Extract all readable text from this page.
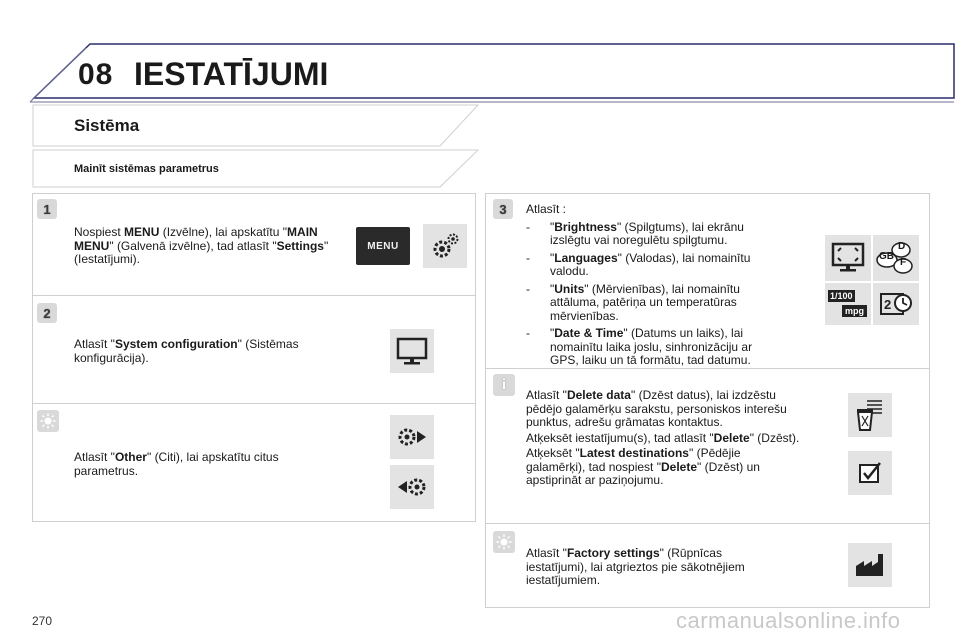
08 IESTATĪJUMI
Sistēma
Mainīt sistēmas parametrus
1
Nospiest MENU (Izvēlne), lai apskatītu "MAIN MENU" (Galvenā izvēlne), tad atlasīt "Settings" (Iestatījumi).
MENU
2
Atlasīt "System configuration" (Sistēmas konfigurācija).
Atlasīt "Other" (Citi), lai apskatītu citus parametrus.
3 Atlasīt :
- "Brightness" (Spilgtums), lai ekrānu izslēgtu vai noregulētu spilgtumu.
- "Languages" (Valodas), lai nomainītu valodu.
- "Units" (Mērvienības), lai nomainītu attāluma, patēriņa un temperatūras mērvienības.
- "Date & Time" (Datums un laiks), lai nomainītu laika joslu, sinhronizāciju ar GPS, laiku un tā formātu, tad datumu.
D
GB
F
1/100
mpg 2
i
Atlasīt "Delete data" (Dzēst datus), lai izdzēstu pēdējo galamērķu sarakstu, personiskos interešu punktus, adrešu grāmatas kontaktus.
Atķeksēt iestatījumu(s), tad atlasīt "Delete" (Dzēst).
Atķeksēt "Latest destinations" (Pēdējie galamērķi), tad nospiest "Delete" (Dzēst) un apstiprināt ar paziņojumu.
Atlasīt "Factory settings" (Rūpnīcas iestatījumi), lai atgrieztos pie sākotnējiem iestatījumiem.
270	carmanualsonline.info
